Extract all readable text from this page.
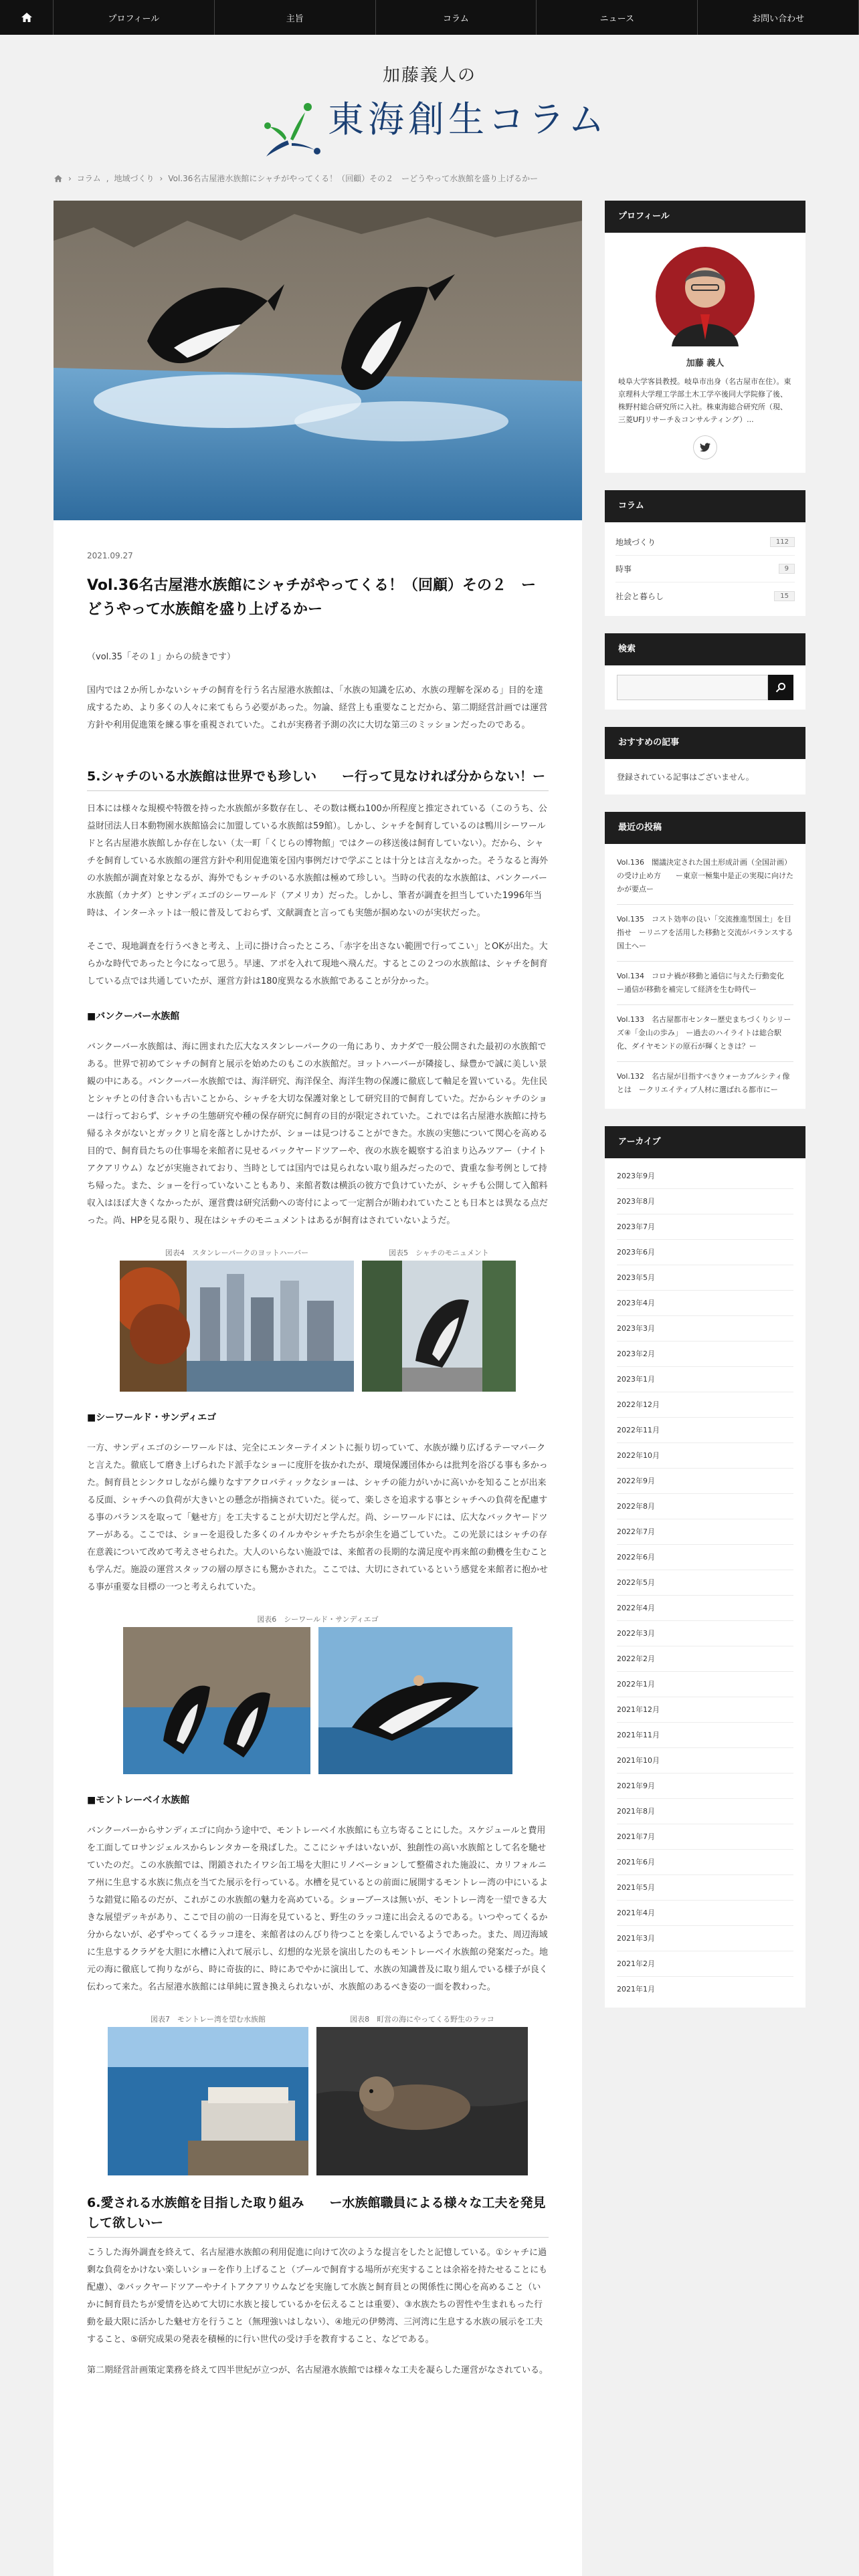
プロフィール	主旨	コラム	ニュース	お問い合わせ
加藤義人の
東海創生コラム
› コラム , 地域づくり › Vol.36名古屋港水族館にシャチがやってくる！（回顧）その２　ーどうやって水族館を盛り上げるかー
2021.09.27
Vol.36名古屋港水族館にシャチがやってくる！（回顧）その２　ーどうやって水族館を盛り上げるかー

（vol.35「その１」からの続きです）

国内では２か所しかないシャチの飼育を行う名古屋港水族館は、「水族の知識を広め、水族の理解を深める」目的を達成するため、より多くの人々に来てもらう必要があった。勿論、経営上も重要なことだから、第二期経営計画では運営方針や利用促進策を練る事を重視されていた。これが実務者予測の次に大切な第三のミッションだったのである。

5.シャチのいる水族館は世界でも珍しい　　ー行って見なければ分からない！ー

日本には様々な規模や特徴を持った水族館が多数存在し、その数は概ね100か所程度と推定されている（このうち、公益財団法人日本動物園水族館協会に加盟している水族館は59館）。しかし、シャチを飼育しているのは鴨川シーワールドと名古屋港水族館しか存在しない（太一町「くじらの博物館」ではクーの移送後は飼育していない）。だから、シャチを飼育している水族館の運営方針や利用促進策を国内事例だけで学ぶことは十分とは言えなかった。そうなると海外の水族館が調査対象となるが、海外でもシャチのいる水族館は極めて珍しい。当時の代表的な水族館は、バンクーバー水族館（カナダ）とサンディエゴのシーワールド（アメリカ）だった。しかし、筆者が調査を担当していた1996年当時は、インターネットは一般に普及しておらず、文献調査と言っても実態が掴めないのが実状だった。

そこで、現地調査を行うべきと考え、上司に掛け合ったところ、「赤字を出さない範囲で行ってこい」とOKが出た。大らかな時代であったと今になって思う。早速、アポを入れて現地へ飛んだ。するとこの２つの水族館は、シャチを飼育している点では共通していたが、運営方針は180度異なる水族館であることが分かった。

■バンクーバー水族館

バンクーバー水族館は、海に囲まれた広大なスタンレーパークの一角にあり、カナダで一般公開された最初の水族館である。世界で初めてシャチの飼育と展示を始めたのもこの水族館だ。ヨットハーバーが隣接し、緑豊かで誠に美しい景観の中にある。バンクーバー水族館では、海洋研究、海洋保全、海洋生物の保護に徹底して軸足を置いている。先住民とシャチとの付き合いも古いことから、シャチを大切な保護対象として研究目的で飼育していた。だからシャチのショーは行っておらず、シャチの生態研究や種の保存研究に飼育の目的が限定されていた。これでは名古屋港水族館に持ち帰るネタがないとガックリと肩を落としかけたが、ショーは見つけることができた。水族の実態について関心を高める目的で、飼育員たちの仕事場を来館者に見せるバックヤードツアーや、夜の水族を観察する泊まり込みツアー（ナイトアクアリウム）などが実施されており、当時としては国内では見られない取り組みだったので、貴重な参考例として持ち帰った。また、ショーを行っていないこともあり、来館者数は横浜の彼方で負けていたが、シャチも公開して入館料収入はほぼ大きくなかったが、運営費は研究活動への寄付によって一定割合が賄われていたことも日本とは異なる点だった。尚、HPを見る限り、現在はシャチのモニュメントはあるが飼育はされていないようだ。

図表4　スタンレーパークのヨットハーバー	図表5　シャチのモニュメント
■シーワールド・サンディエゴ

一方、サンディエゴのシーワールドは、完全にエンターテイメントに振り切っていて、水族が繰り広げるテーマパークと言えた。徹底して磨き上げられたド派手なショーに度肝を抜かれたが、環境保護団体からは批判を浴びる事も多かった。飼育員とシンクロしながら繰りなすアクロバティックなショーは、シャチの能力がいかに高いかを知ることが出来る反面、シャチへの負荷が大きいとの懸念が指摘されていた。従って、楽しさを追求する事とシャチへの負荷を配慮する事のバランスを取って「魅せ方」を工夫することが大切だと学んだ。尚、シーワールドには、広大なバックヤードツアーがある。ここでは、ショーを退役した多くのイルカやシャチたちが余生を過ごしていた。この光景にはシャチの存在意義について改めて考えさせられた。大人のいらない施設では、来館者の長期的な満足度や再来館の動機を生むことも学んだ。施設の運営スタッフの層の厚さにも驚かされた。ここでは、大切にされているという感覚を来館者に抱かせる事が重要な目標の一つと考えられていた。

図表6　シーワールド・サンディエゴ
■モントレーベイ水族館

バンクーバーからサンディエゴに向かう途中で、モントレーベイ水族館にも立ち寄ることにした。スケジュールと費用を工面してロサンジェルスからレンタカーを飛ばした。ここにシャチはいないが、独創性の高い水族館として名を馳せていたのだ。この水族館では、閉鎖されたイワシ缶工場を大胆にリノベーションして整備された施設に、カリフォルニア州に生息する水族に焦点を当てた展示を行っている。水槽を見ているとの前面に展開するモントレー湾の中にいるような錯覚に陥るのだが、これがこの水族館の魅力を高めている。ショーブースは無いが、モントレー湾を一望できる大きな展望デッキがあり、ここで目の前の一日海を見ていると、野生のラッコ達に出会えるのである。いつやってくるか分からないが、必ずやってくるラッコ達を、来館者はのんびり待つことを楽しんでいるようであった。また、周辺海域に生息するクラゲを大胆に水槽に入れて展示し、幻想的な光景を演出したのもモントレーベイ水族館の発案だった。地元の海に徹底して拘りながら、時に奇抜的に、時にあでやかに演出して、水族の知識普及に取り組んでいる様子が良く伝わって来た。名古屋港水族館には単純に置き換えられないが、水族館のあるべき姿の一面を教わった。

図表7　モントレー湾を望む水族館	図表8　町営の海にやってくる野生のラッコ
6.愛される水族館を目指した取り組み　　ー水族館職員による様々な工夫を発見して欲しいー

こうした海外調査を終えて、名古屋港水族館の利用促進に向けて次のような提言をしたと記憶している。①シャチに過剰な負荷をかけない楽しいショーを作り上げること（プールで飼育する場所が充実することは余裕を持たせることにも配慮）、②バックヤードツアーやナイトアクアリウムなどを実施して水族と飼育員との関係性に関心を高めること（いかに飼育員たちが愛情を込めて大切に水族と接しているかを伝えることは重要）、③水族たちの習性や生まれもった行動を最大限に活かした魅せ方を行うこと（無理強いはしない）、④地元の伊勢湾、三河湾に生息する水族の展示を工夫すること、⑤研究成果の発表を積極的に行い世代の受け手を教育すること、などである。

第二期経営計画策定業務を終えて四半世紀が立つが、名古屋港水族館では様々な工夫を凝らした運営がなされている。

プロフィール
加藤 義人
岐阜大学客員教授。岐阜市出身（名古屋市在住）。東京理科大学理工学部土木工学卒後同大学院修了後、株野村総合研究所に入社。株東海総合研究所（現、三菱UFJリサーチ＆コンサルティング）...
コラム
地域づくり	112
時事	9
社会と暮らし	15
検索
おすすめの記事
登録されている記事はございません。
最近の投稿
Vol.136　閣議決定された国土形成計画（全国計画）の受け止め方　　ー東京一極集中是正の実現に向けたかが要点ー
Vol.135　コスト効率の良い「交流推進型国土」を目指せ　ーリニアを活用した移動と交流がバランスする国土へー
Vol.134　コロナ禍が移動と通信に与えた行動変化　ー通信が移動を補完して経済を生む時代ー
Vol.133　名古屋都市センター歴史まちづくりシリーズ④「金山の歩み」　ー過去のハイライトは総合駅化、ダイヤモンドの原石が輝くときは？ー
Vol.132　名古屋が目指すべきウォーカブルシティ像とは　ークリエイティブ人材に選ばれる都市にー
アーカイブ
2023年9月
2023年8月
2023年7月
2023年6月
2023年5月
2023年4月
2023年3月
2023年2月
2023年1月
2022年12月
2022年11月
2022年10月
2022年9月
2022年8月
2022年7月
2022年6月
2022年5月
2022年4月
2022年3月
2022年2月
2022年1月
2021年12月
2021年11月
2021年10月
2021年9月
2021年8月
2021年7月
2021年6月
2021年5月
2021年4月
2021年3月
2021年2月
2021年1月
